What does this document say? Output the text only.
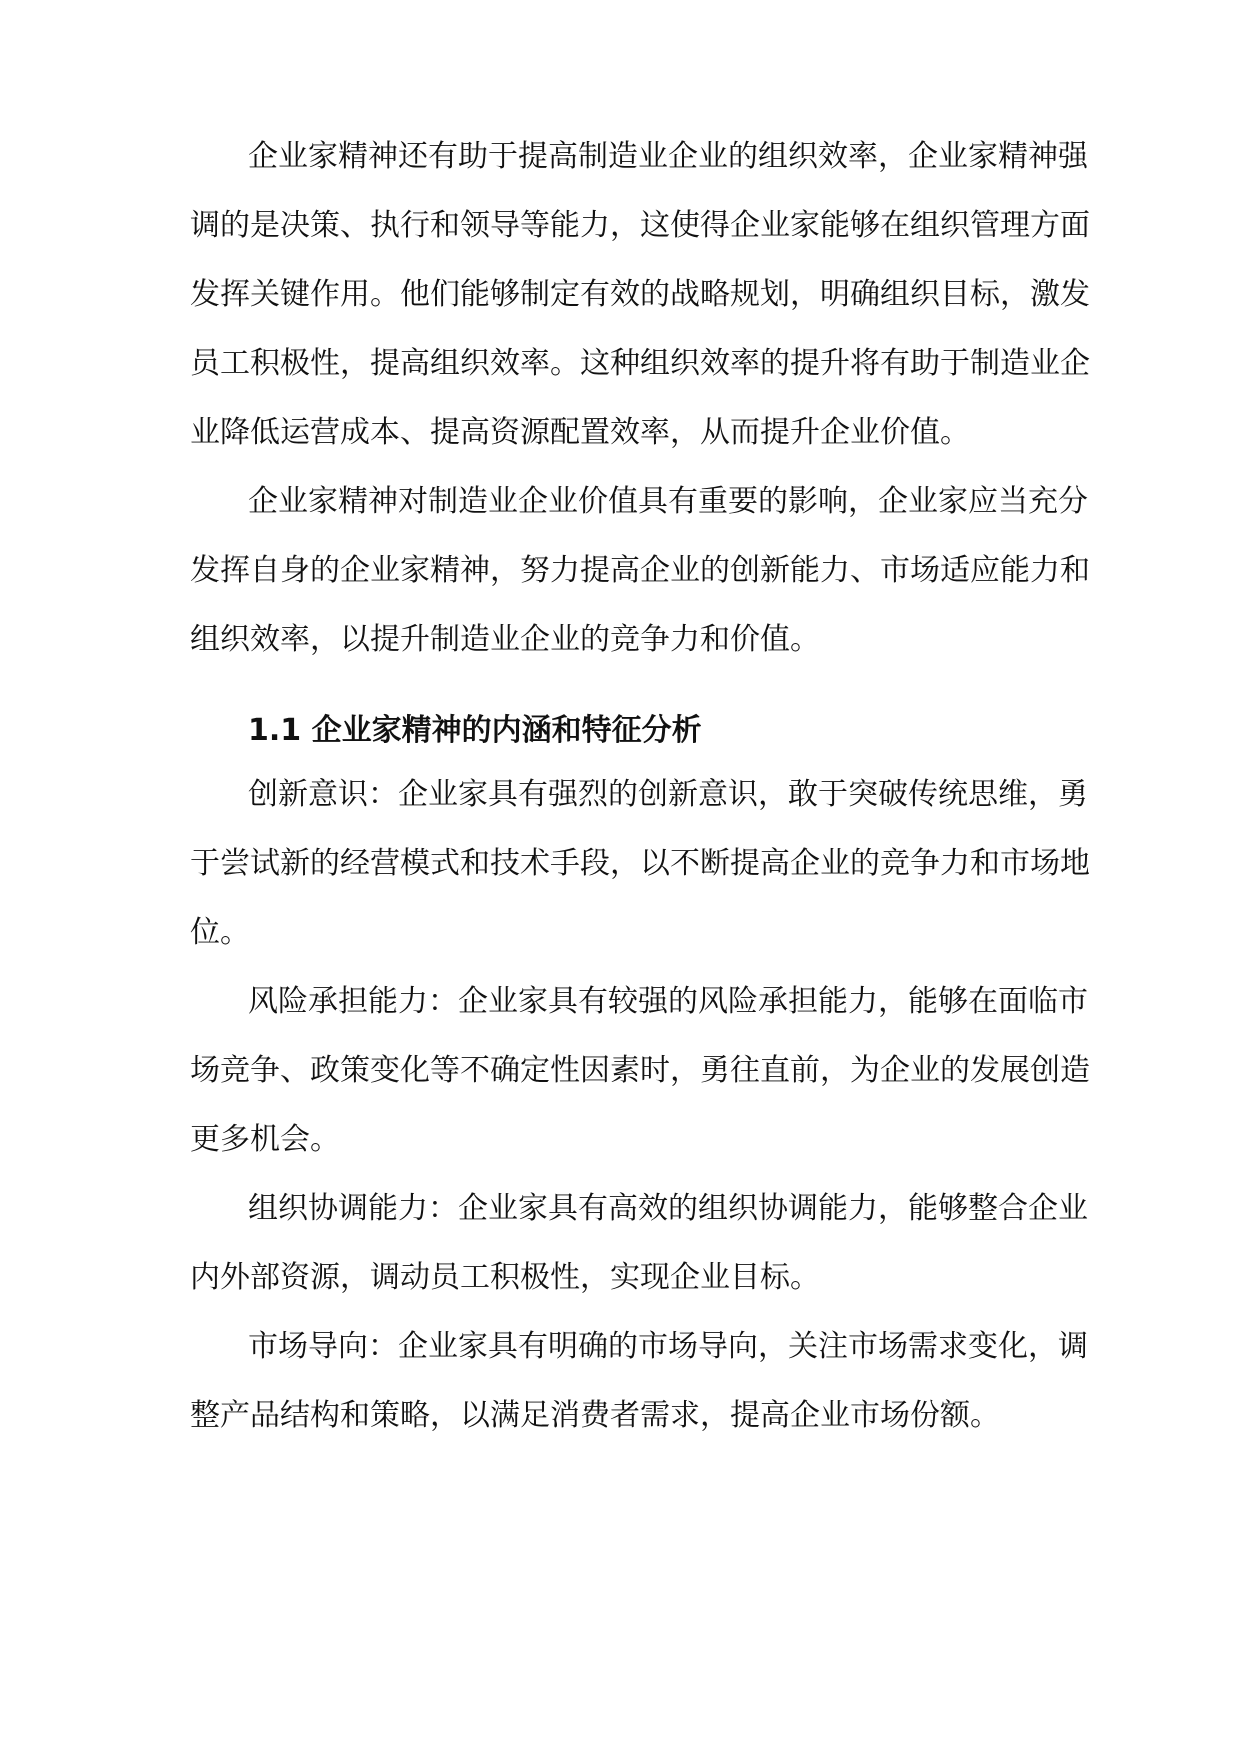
企业家精神还有助于提高制造业企业的组织效率，企业家精神强
调的是决策、执行和领导等能力，这使得企业家能够在组织管理方面
发挥关键作用。他们能够制定有效的战略规划，明确组织目标，激发
员工积极性，提高组织效率。这种组织效率的提升将有助于制造业企
业降低运营成本、提高资源配置效率，从而提升企业价值。
企业家精神对制造业企业价值具有重要的影响，企业家应当充分
发挥自身的企业家精神，努力提高企业的创新能力、市场适应能力和
组织效率，以提升制造业企业的竞争力和价值。
1.1 企业家精神的内涵和特征分析
创新意识：企业家具有强烈的创新意识，敢于突破传统思维，勇
于尝试新的经营模式和技术手段，以不断提高企业的竞争力和市场地
位。
风险承担能力：企业家具有较强的风险承担能力，能够在面临市
场竞争、政策变化等不确定性因素时，勇往直前，为企业的发展创造
更多机会。
组织协调能力：企业家具有高效的组织协调能力，能够整合企业
内外部资源，调动员工积极性，实现企业目标。
市场导向：企业家具有明确的市场导向，关注市场需求变化，调
整产品结构和策略，以满足消费者需求，提高企业市场份额。
